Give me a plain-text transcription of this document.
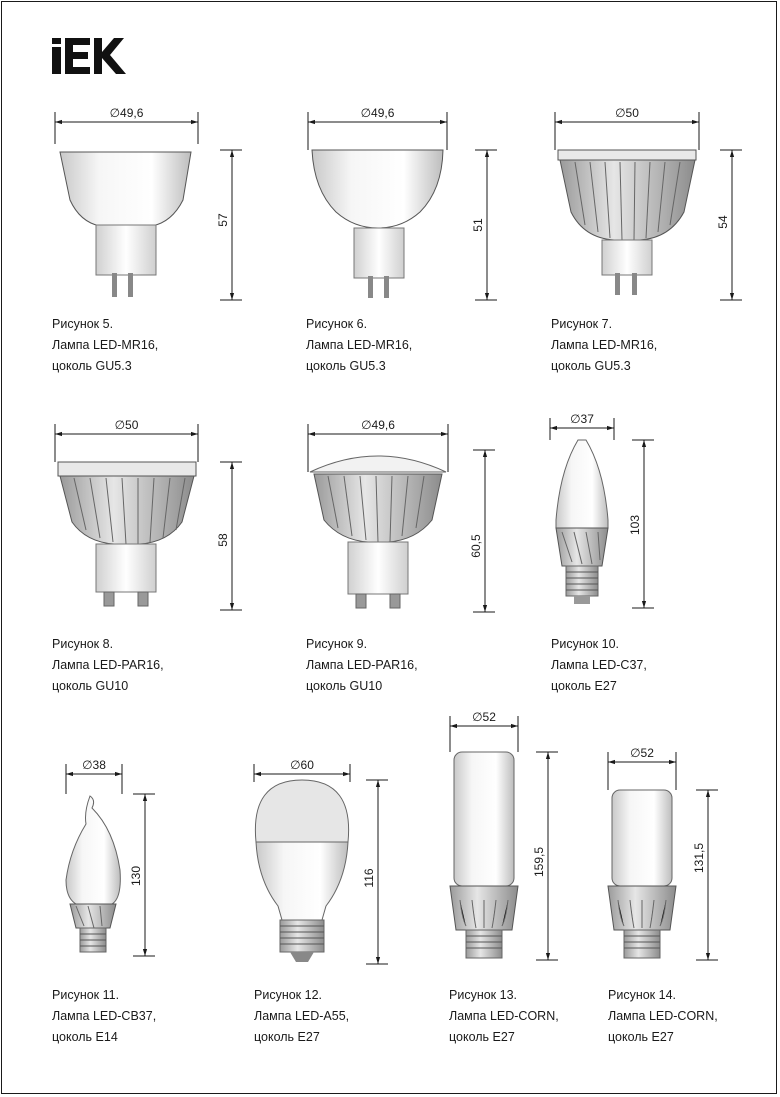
∅49,6
57
∅49,6
51
∅50
54
∅50
58
∅49,6
60,5
∅37
103
∅38
130
∅60
116
∅52
159,5
∅52
131,5
Рисунок 5.
Лампа LED-MR16,
цоколь GU5.3
Рисунок 6.
Лампа LED-MR16,
цоколь GU5.3
Рисунок 7.
Лампа LED-MR16,
цоколь GU5.3
Рисунок 8.
Лампа LED-PAR16,
цоколь GU10
Рисунок 9.
Лампа LED-PAR16,
цоколь GU10
Рисунок 10.
Лампа LED-C37,
цоколь E27
Рисунок 11.
Лампа LED-CB37,
цоколь E14
Рисунок 12.
Лампа LED-A55,
цоколь E27
Рисунок 13.
Лампа LED-CORN,
цоколь E27
Рисунок 14.
Лампа LED-CORN,
цоколь E27
